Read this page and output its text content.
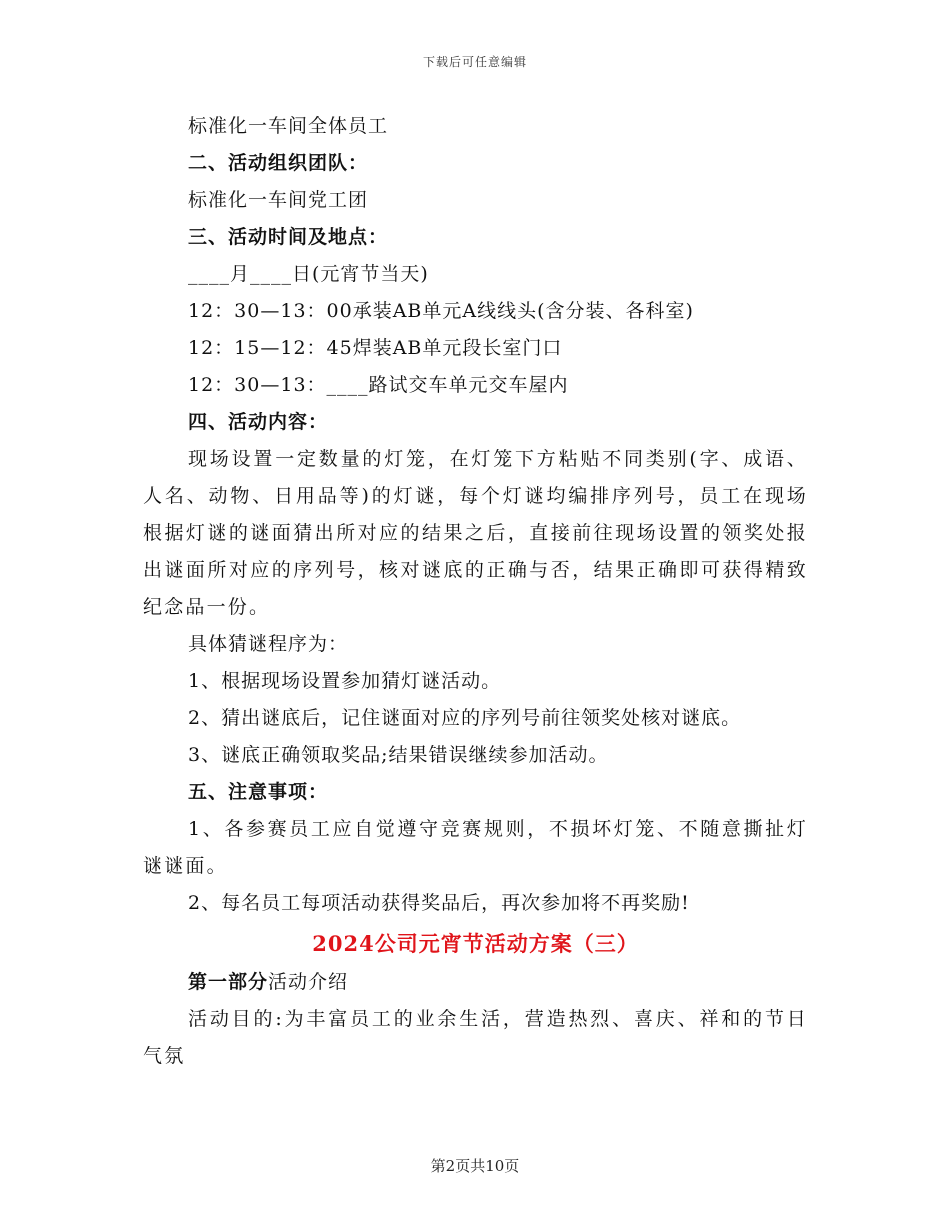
下载后可任意编辑
标准化一车间全体员工
二、活动组织团队：
标准化一车间党工团
三、活动时间及地点：
____月____日(元宵节当天)
12：30—13：00承装AB单元A线线头(含分装、各科室)
12：15—12：45焊装AB单元段长室门口
12：30—13：____路试交车单元交车屋内
四、活动内容：

现场设置一定数量的灯笼，在灯笼下方粘贴不同类别(字、成语、人名、动物、日用品等)的灯谜，每个灯谜均编排序列号，员工在现场根据灯谜的谜面猜出所对应的结果之后，直接前往现场设置的领奖处报出谜面所对应的序列号，核对谜底的正确与否，结果正确即可获得精致纪念品一份。

具体猜谜程序为：
1、根据现场设置参加猜灯谜活动。
2、猜出谜底后，记住谜面对应的序列号前往领奖处核对谜底。
3、谜底正确领取奖品;结果错误继续参加活动。
五、注意事项：

1、各参赛员工应自觉遵守竞赛规则，不损坏灯笼、不随意撕扯灯谜谜面。

2、每名员工每项活动获得奖品后，再次参加将不再奖励!
2024公司元宵节活动方案（三）
第一部分活动介绍

活动目的:为丰富员工的业余生活，营造热烈、喜庆、祥和的节日气氛

第2页共10页
